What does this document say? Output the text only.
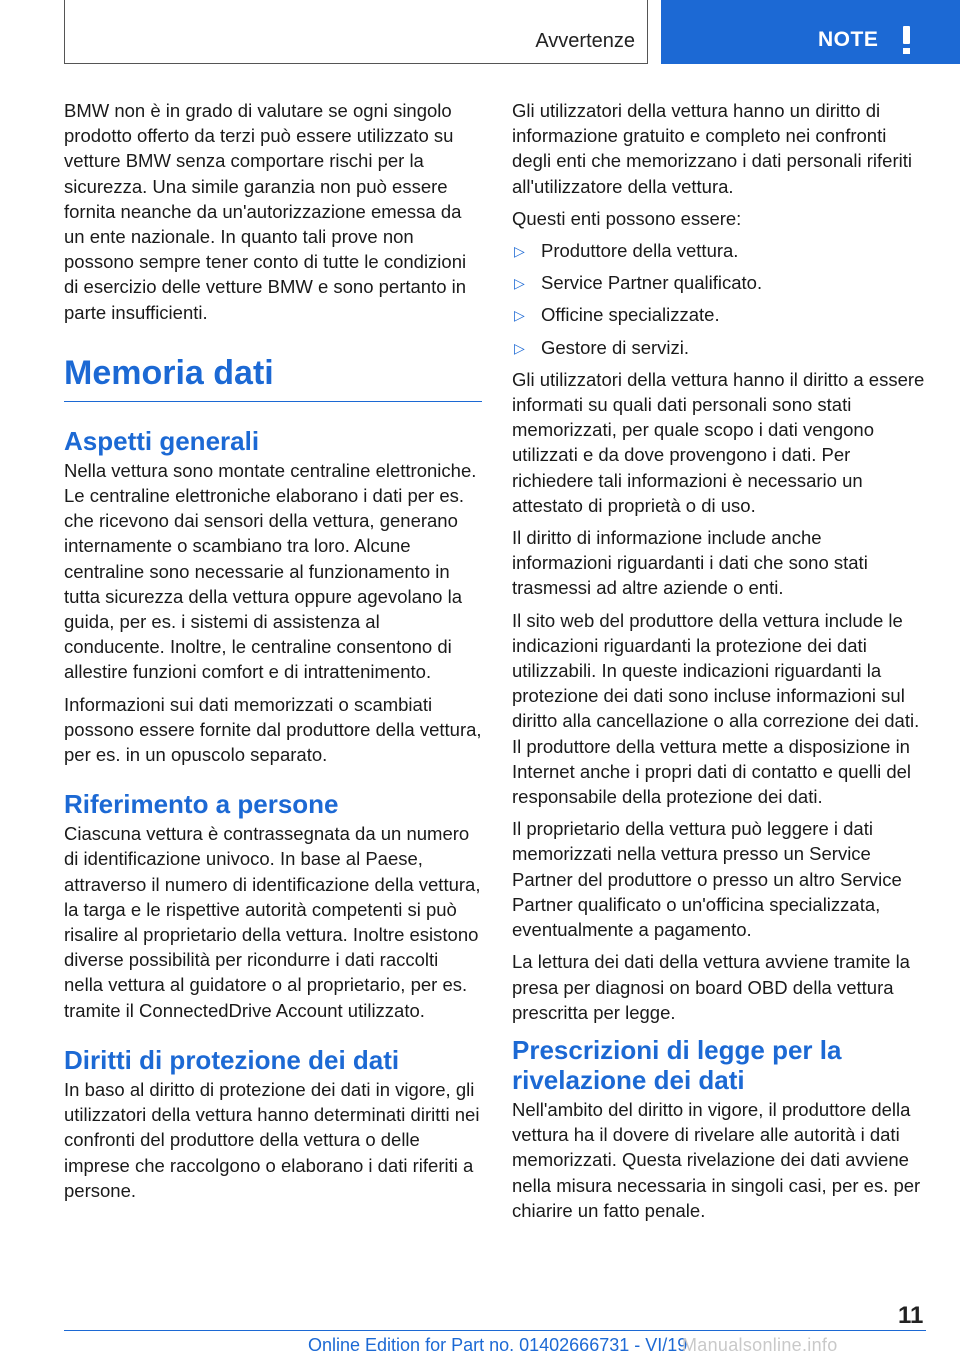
Avvertenze	NOTE

BMW non è in grado di valutare se ogni singolo prodotto offerto da terzi può essere utilizzato su vetture BMW senza comportare rischi per la sicurezza. Una simile garanzia non può essere fornita neanche da un'autorizzazione emessa da un ente nazionale. In quanto tali prove non possono sempre tener conto di tutte le condizioni di esercizio delle vetture BMW e sono pertanto in parte insufficienti.

Memoria dati
Aspetti generali

Nella vettura sono montate centraline elettroniche. Le centraline elettroniche elaborano i dati per es. che ricevono dai sensori della vettura, generano internamente o scambiano tra loro. Alcune centraline sono necessarie al funzionamento in tutta sicurezza della vettura oppure agevolano la guida, per es. i sistemi di assistenza al conducente. Inoltre, le centraline consentono di allestire funzioni comfort e di intrattenimento.

Informazioni sui dati memorizzati o scambiati possono essere fornite dal produttore della vettura, per es. in un opuscolo separato.

Riferimento a persone

Ciascuna vettura è contrassegnata da un numero di identificazione univoco. In base al Paese, attraverso il numero di identificazione della vettura, la targa e le rispettive autorità competenti si può risalire al proprietario della vettura. Inoltre esistono diverse possibilità per ricondurre i dati raccolti nella vettura al guidatore o al proprietario, per es. tramite il ConnectedDrive Account utilizzato.

Diritti di protezione dei dati

In baso al diritto di protezione dei dati in vigore, gli utilizzatori della vettura hanno determinati diritti nei confronti del produttore della vettura o delle imprese che raccolgono o elaborano i dati riferiti a persone.

Gli utilizzatori della vettura hanno un diritto di informazione gratuito e completo nei confronti degli enti che memorizzano i dati personali riferiti all'utilizzatore della vettura.

Questi enti possono essere:

▷ Produttore della vettura.
▷ Service Partner qualificato.
▷ Officine specializzate.
▷ Gestore di servizi.

Gli utilizzatori della vettura hanno il diritto a essere informati su quali dati personali sono stati memorizzati, per quale scopo i dati vengono utilizzati e da dove provengono i dati. Per richiedere tali informazioni è necessario un attestato di proprietà o di uso.

Il diritto di informazione include anche informazioni riguardanti i dati che sono stati trasmessi ad altre aziende o enti.

Il sito web del produttore della vettura include le indicazioni riguardanti la protezione dei dati utilizzabili. In queste indicazioni riguardanti la protezione dei dati sono incluse informazioni sul diritto alla cancellazione o alla correzione dei dati. Il produttore della vettura mette a disposizione in Internet anche i propri dati di contatto e quelli del responsabile della protezione dei dati.

Il proprietario della vettura può leggere i dati memorizzati nella vettura presso un Service Partner del produttore o presso un altro Service Partner qualificato o un'officina specializzata, eventualmente a pagamento.

La lettura dei dati della vettura avviene tramite la presa per diagnosi on board OBD della vettura prescritta per legge.

Prescrizioni di legge per la rivelazione dei dati

Nell'ambito del diritto in vigore, il produttore della vettura ha il dovere di rivelare alle autorità i dati memorizzati. Questa rivelazione dei dati avviene nella misura necessaria in singoli casi, per es. per chiarire un fatto penale.

11
Online Edition for Part no. 01402666731 - VI/19
Manualsonline.info
